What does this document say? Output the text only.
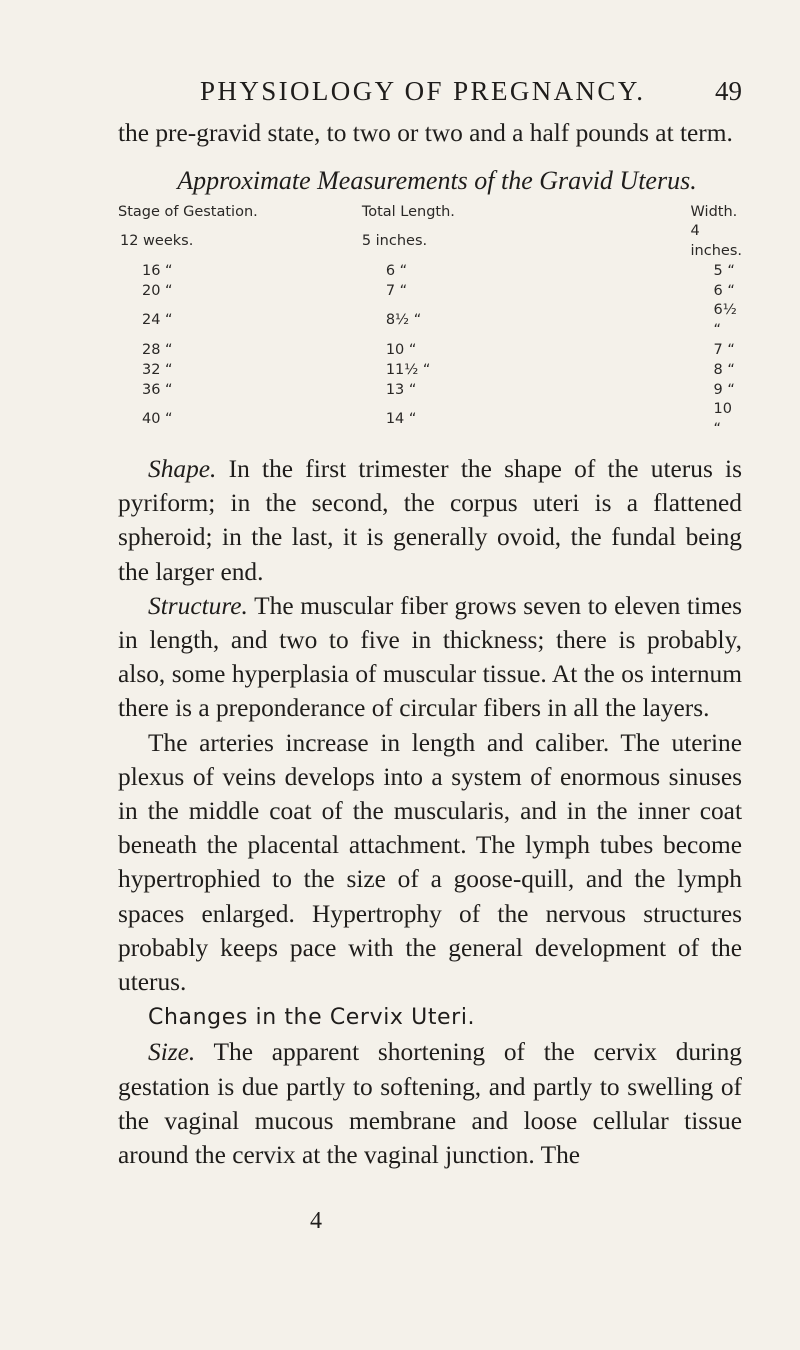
PHYSIOLOGY OF PREGNANCY.	49

the pre-gravid state, to two or two and a half pounds at term.

Approximate Measurements of the Gravid Uterus.
Stage of Gestation.	Total Length.	Width.
12 weeks.	5 inches.	4 inches.
16 “	6 “	5 “
20 “	7 “	6 “
24 “	8½ “	6½ “
28 “	10 “	7 “
32 “	11½ “	8 “
36 “	13 “	9 “
40 “	14 “	10 “

Shape. In the first trimester the shape of the uterus is pyriform; in the second, the corpus uteri is a flattened spheroid; in the last, it is generally ovoid, the fundal being the larger end.

Structure. The muscular fiber grows seven to eleven times in length, and two to five in thickness; there is probably, also, some hyperplasia of muscular tissue. At the os internum there is a preponderance of circular fibers in all the layers.

The arteries increase in length and caliber. The uterine plexus of veins develops into a system of enormous sinuses in the middle coat of the muscularis, and in the inner coat beneath the placental attachment. The lymph tubes become hypertrophied to the size of a goose-quill, and the lymph spaces enlarged. Hypertrophy of the nervous structures probably keeps pace with the general development of the uterus.

Changes in the Cervix Uteri.

Size. The apparent shortening of the cervix during gestation is due partly to softening, and partly to swelling of the vaginal mucous membrane and loose cellular tissue around the cervix at the vaginal junction. The

4
